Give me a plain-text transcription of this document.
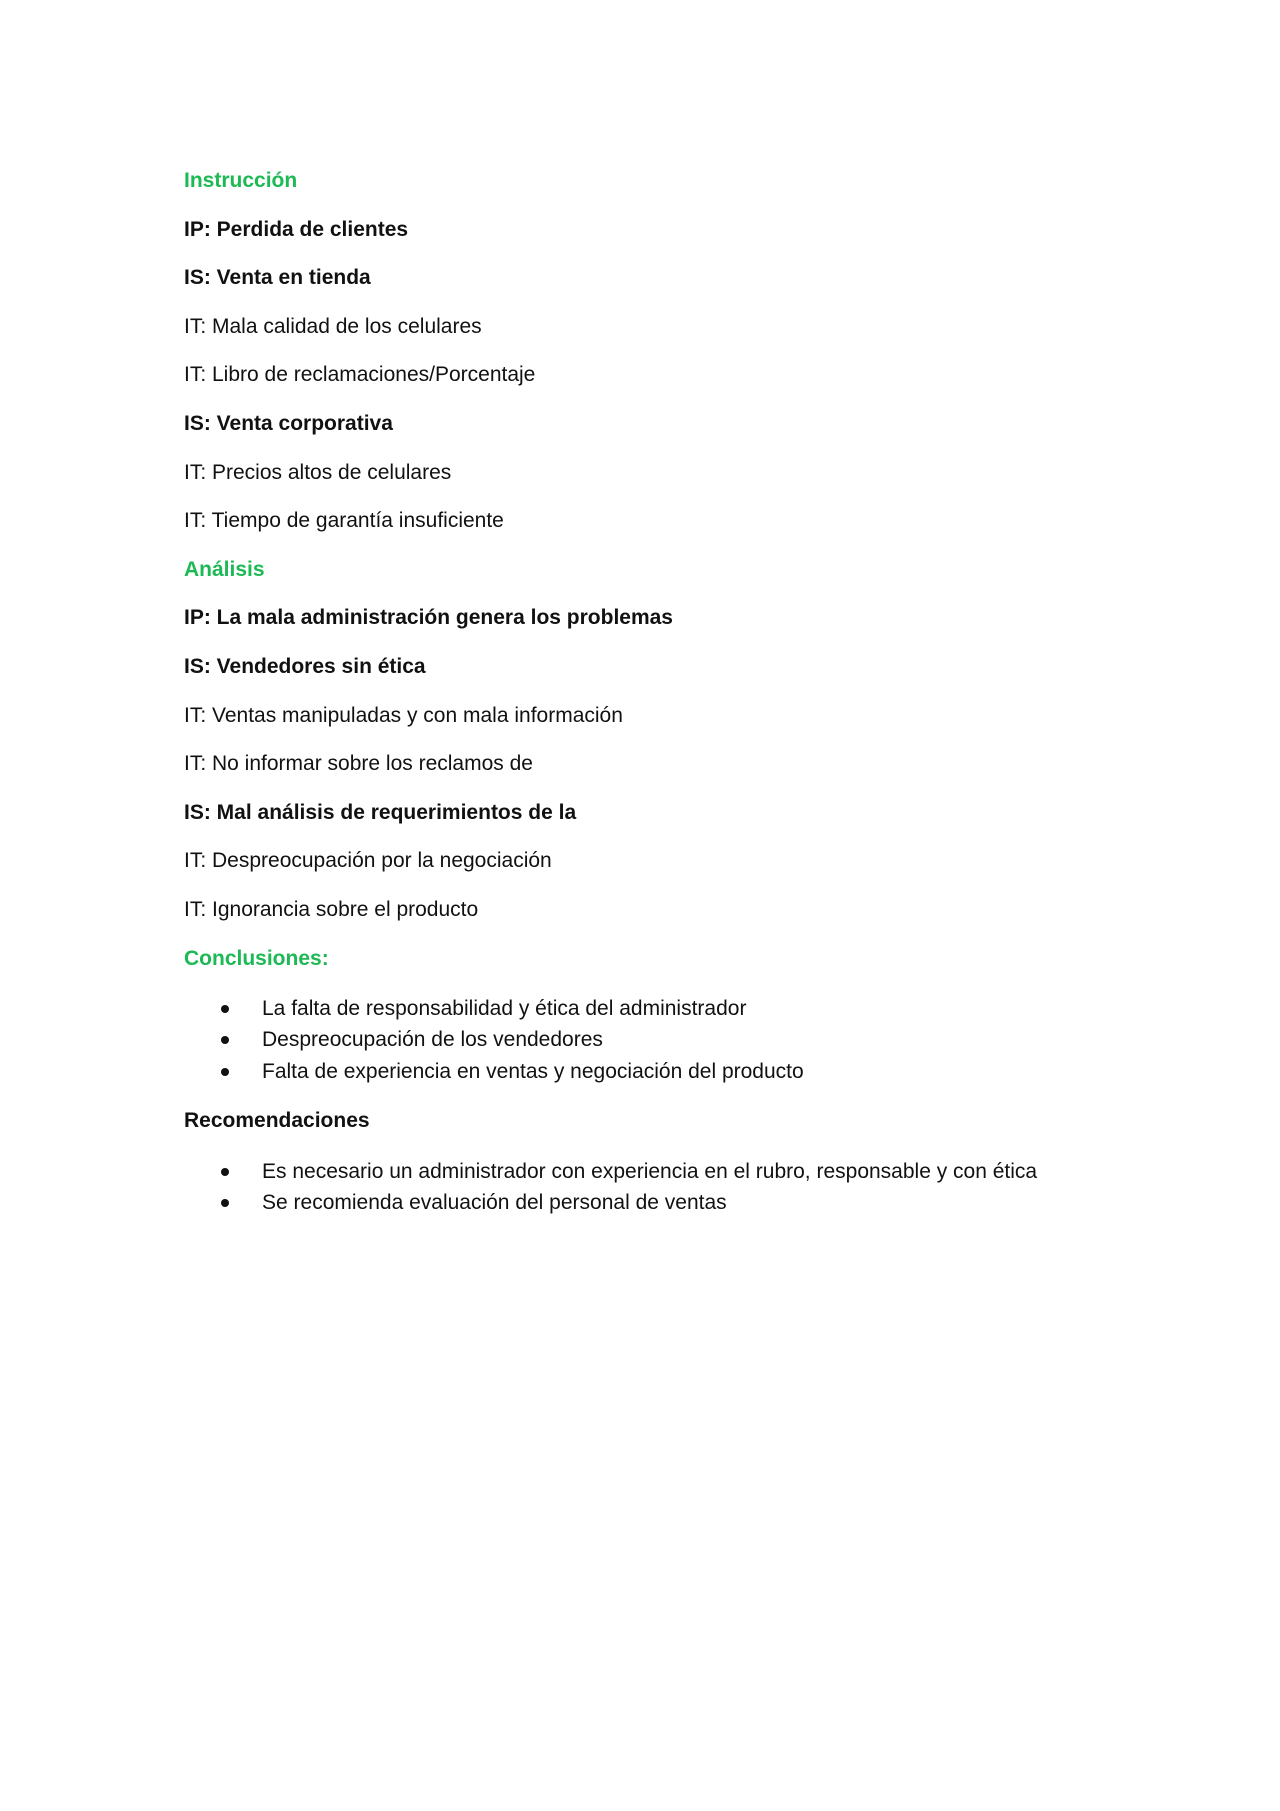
Instrucción
IP: Perdida de clientes
IS: Venta en tienda
IT: Mala calidad de los celulares
IT: Libro de reclamaciones/Porcentaje
IS: Venta corporativa
IT: Precios altos de celulares
IT: Tiempo de garantía insuficiente
Análisis
IP: La mala administración genera los problemas
IS: Vendedores sin ética
IT: Ventas manipuladas y con mala información
IT: No informar sobre los reclamos de
IS: Mal análisis de requerimientos de la
IT: Despreocupación por la negociación
IT: Ignorancia sobre el producto
Conclusiones:
La falta de responsabilidad y ética del administrador
Despreocupación de los vendedores
Falta de experiencia en ventas y negociación del producto
Recomendaciones
Es necesario un administrador con experiencia en el rubro, responsable y con ética
Se recomienda evaluación del personal de ventas
